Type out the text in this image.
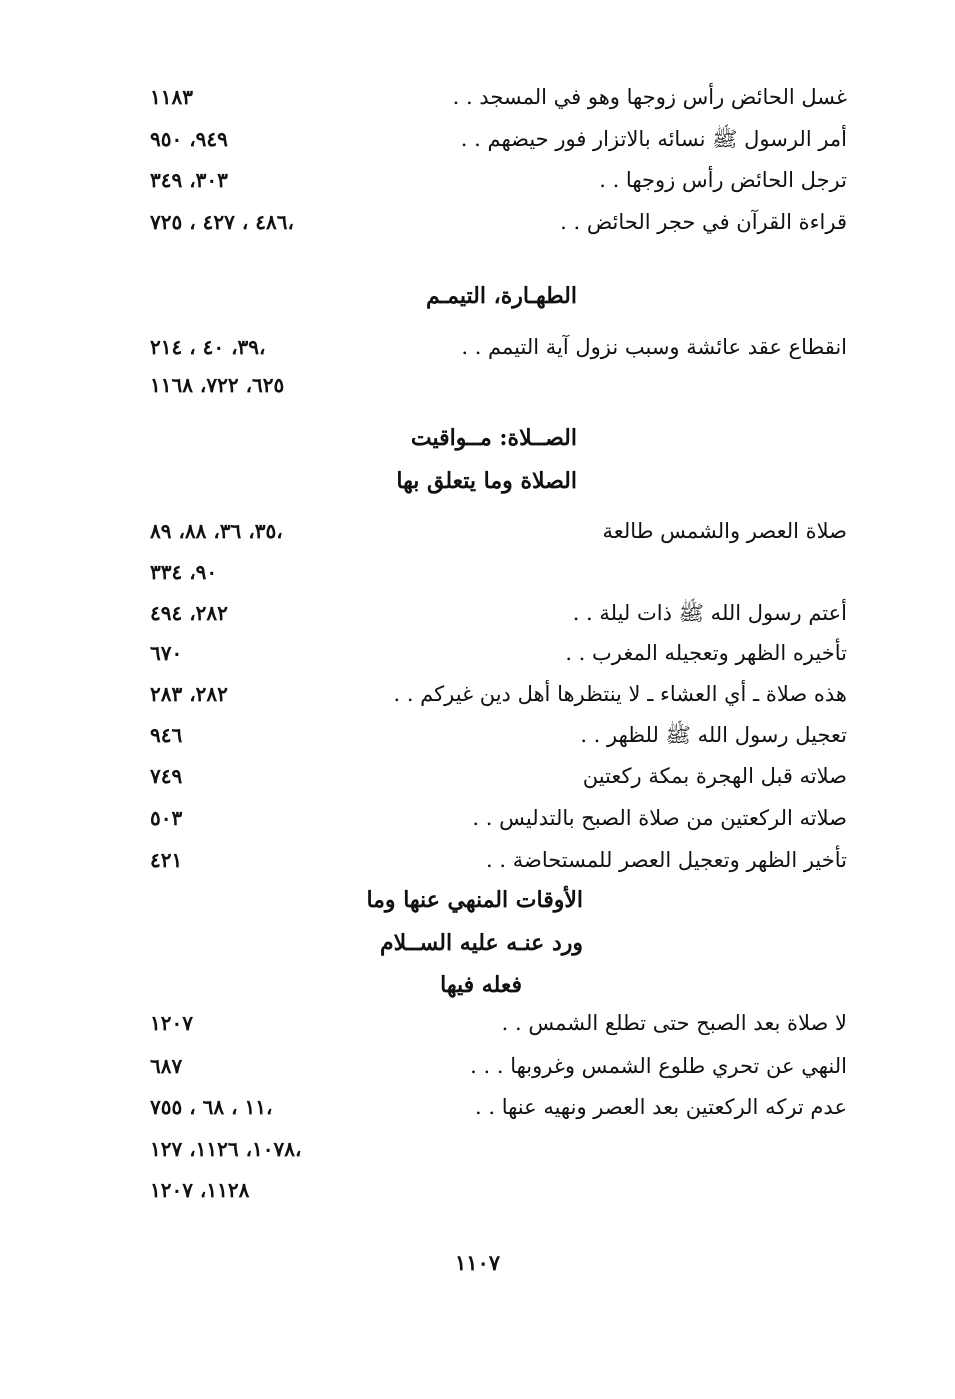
غسل الحائض رأس زوجها وهو في المسجد . .
١١٨٣
أمر الرسول ﷺ نسائه بالاتزار فور حيضهم . .
٩٤٩، ٩٥٠
ترجل الحائض رأس زوجها . .
٣٠٣، ٣٤٩
قراءة القرآن في حجر الحائض . .
٤٨٦ ، ٤٢٧ ، ٧٢٥،
الطهـارة، التيمـم
انقطاع عقد عائشة وسبب نزول آية التيمم . .
٣٩، ٤٠ ، ٢١٤،
٦٢٥، ٧٢٢، ١١٦٨
الصــلاة: مــواقيت
الصلاة وما يتعلق بها
صلاة العصر والشمس طالعة
٣٥، ٣٦، ٨٨، ٨٩،
٩٠، ٣٣٤
أعتم رسول الله ﷺ ذات ليلة . .
٢٨٢، ٤٩٤
تأخيره الظهر وتعجيله المغرب . .
٦٧٠
هذه صلاة ـ أي العشاء ـ لا ينتظرها أهل دين غيركم . .
٢٨٢، ٢٨٣
تعجيل رسول الله ﷺ للظهر . .
٩٤٦
صلاته قبل الهجرة بمكة ركعتين
٧٤٩
صلاته الركعتين من صلاة الصبح بالتدليس . .
٥٠٣
تأخير الظهر وتعجيل العصر للمستحاضة . .
٤٢١
الأوقات المنهي عنها وما
ورد عنـه عليه الســلام
فعله فيها
لا صلاة بعد الصبح حتى تطلع الشمس . .
١٢٠٧
النهي عن تحري طلوع الشمس وغروبها . . .
٦٨٧
عدم تركه الركعتين بعد العصر ونهيه عنها . .
١١ ، ٦٨ ، ٧٥٥،
١٠٧٨، ١١٢٦، ١٢٧،
١١٢٨، ١٢٠٧
١١٠٧
